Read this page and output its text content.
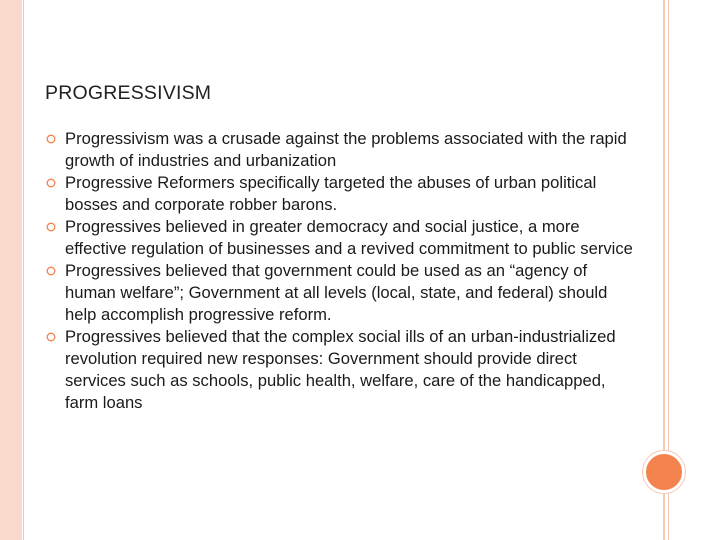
PROGRESSIVISM
Progressivism was a crusade against the problems associated with the rapid growth of industries and urbanization
Progressive Reformers specifically targeted the abuses of urban political bosses and corporate robber barons.
Progressives believed in greater democracy and social justice, a more effective regulation of businesses and a revived commitment to public service
Progressives believed that government could be used as an “agency of human welfare”; Government at all levels (local, state, and federal) should help accomplish progressive reform.
Progressives believed that the complex social ills of an urban-industrialized revolution required new responses: Government should provide direct services such as schools, public health, welfare, care of the handicapped, farm loans
